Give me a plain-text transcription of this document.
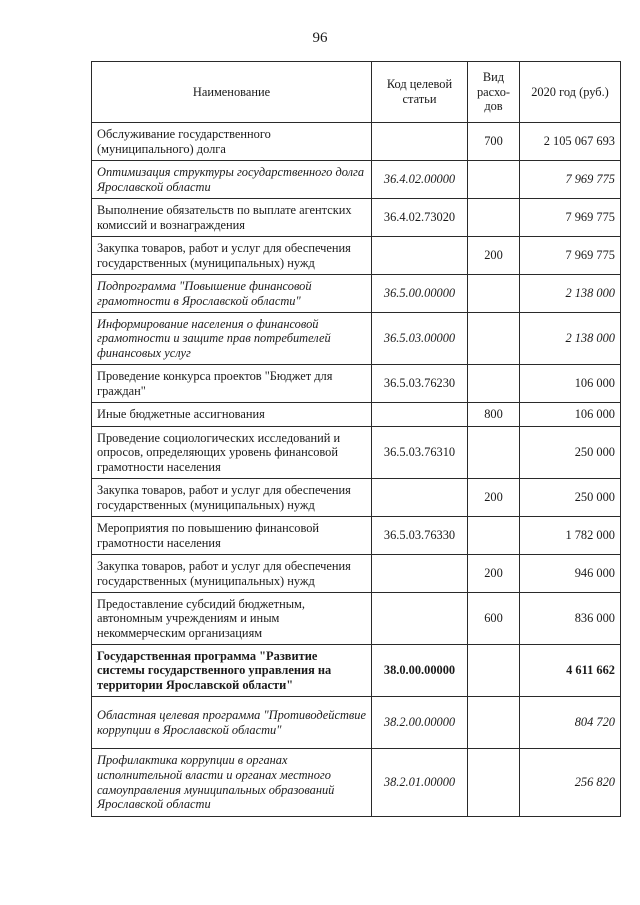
96
Наименование	Код целевой статьи	Вид расхо-дов	2020 год (руб.)
Обслуживание государственного (муниципального) долга		700	2 105 067 693
Оптимизация структуры государственного долга Ярославской области	36.4.02.00000		7 969 775
Выполнение обязательств по выплате агентских комиссий и вознаграждения	36.4.02.73020		7 969 775
Закупка товаров, работ и услуг для обеспечения государственных (муниципальных) нужд		200	7 969 775
Подпрограмма "Повышение финансовой грамотности в Ярославской области"	36.5.00.00000		2 138 000
Информирование населения о финансовой грамотности и защите прав потребителей финансовых услуг	36.5.03.00000		2 138 000
Проведение конкурса проектов "Бюджет для граждан"	36.5.03.76230		106 000
Иные бюджетные ассигнования		800	106 000
Проведение социологических исследований и опросов, определяющих уровень финансовой грамотности населения	36.5.03.76310		250 000
Закупка товаров, работ и услуг для обеспечения государственных (муниципальных) нужд		200	250 000
Мероприятия по повышению финансовой грамотности населения	36.5.03.76330		1 782 000
Закупка товаров, работ и услуг для обеспечения государственных (муниципальных) нужд		200	946 000
Предоставление субсидий бюджетным, автономным учреждениям и иным некоммерческим организациям		600	836 000
Государственная программа "Развитие системы государственного управления на территории Ярославской области"	38.0.00.00000		4 611 662
Областная целевая программа "Противодействие коррупции в Ярославской области"	38.2.00.00000		804 720
Профилактика коррупции в органах исполнительной власти и органах местного самоуправления муниципальных образований Ярославской области	38.2.01.00000		256 820
